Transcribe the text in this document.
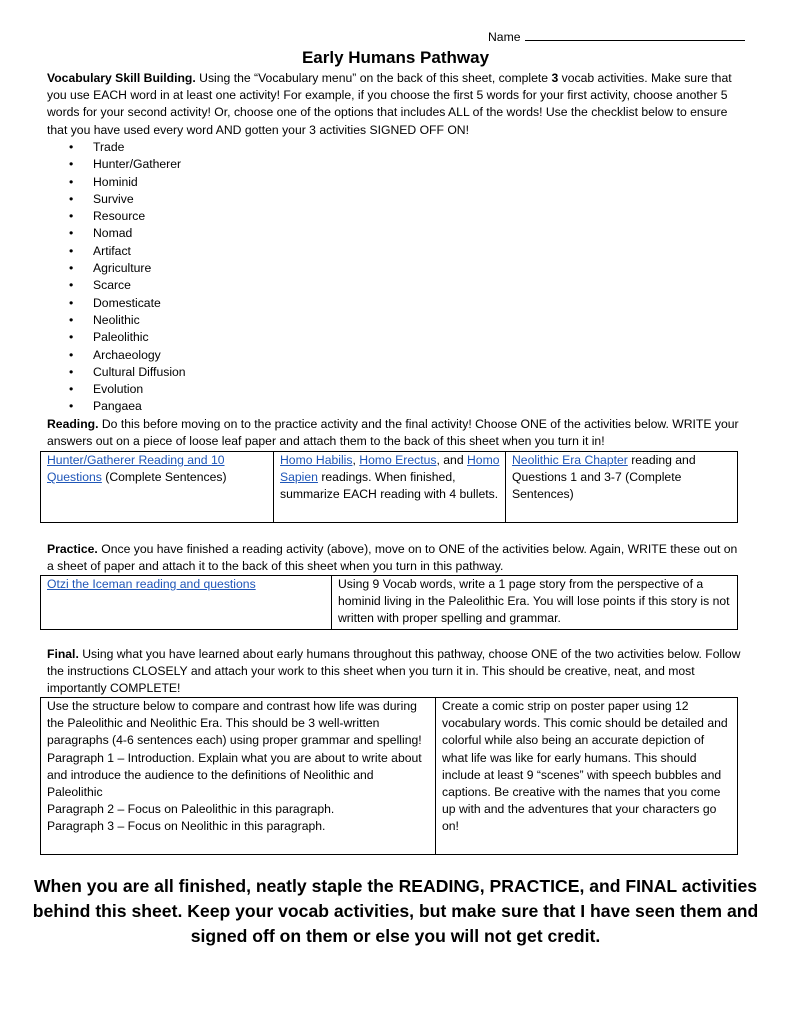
Name
Early Humans Pathway
Vocabulary Skill Building. Using the “Vocabulary menu” on the back of this sheet, complete 3 vocab activities. Make sure that you use EACH word in at least one activity! For example, if you choose the first 5 words for your first activity, choose another 5 words for your second activity! Or, choose one of the options that includes ALL of the words! Use the checklist below to ensure that you have used every word AND gotten your 3 activities SIGNED OFF ON!
• Trade
• Hunter/Gatherer
• Hominid
• Survive
• Resource
• Nomad
• Artifact
• Agriculture
• Scarce
• Domesticate
• Neolithic
• Paleolithic
• Archaeology
• Cultural Diffusion
• Evolution
• Pangaea
Reading. Do this before moving on to the practice activity and the final activity! Choose ONE of the activities below. WRITE your answers out on a piece of loose leaf paper and attach them to the back of this sheet when you turn it in!
Hunter/Gatherer Reading and 10 Questions (Complete Sentences)	Homo Habilis, Homo Erectus, and Homo Sapien readings. When finished, summarize EACH reading with 4 bullets.	Neolithic Era Chapter reading and Questions 1 and 3-7 (Complete Sentences)
Practice. Once you have finished a reading activity (above), move on to ONE of the activities below. Again, WRITE these out on a sheet of paper and attach it to the back of this sheet when you turn in this pathway.
Otzi the Iceman reading and questions	Using 9 Vocab words, write a 1 page story from the perspective of a hominid living in the Paleolithic Era. You will lose points if this story is not written with proper spelling and grammar.
Final. Using what you have learned about early humans throughout this pathway, choose ONE of the two activities below. Follow the instructions CLOSELY and attach your work to this sheet when you turn it in. This should be creative, neat, and most importantly COMPLETE!
Use the structure below to compare and contrast how life was during the Paleolithic and Neolithic Era. This should be 3 well-written paragraphs (4-6 sentences each) using proper grammar and spelling!
Paragraph 1 – Introduction. Explain what you are about to write about and introduce the audience to the definitions of Neolithic and Paleolithic
Paragraph 2 – Focus on Paleolithic in this paragraph.
Paragraph 3 – Focus on Neolithic in this paragraph.
	Create a comic strip on poster paper using 12 vocabulary words. This comic should be detailed and colorful while also being an accurate depiction of what life was like for early humans. This should include at least 9 “scenes” with speech bubbles and captions. Be creative with the names that you come up with and the adventures that your characters go on!
When you are all finished, neatly staple the READING, PRACTICE, and FINAL activities behind this sheet. Keep your vocab activities, but make sure that I have seen them and signed off on them or else you will not get credit.
